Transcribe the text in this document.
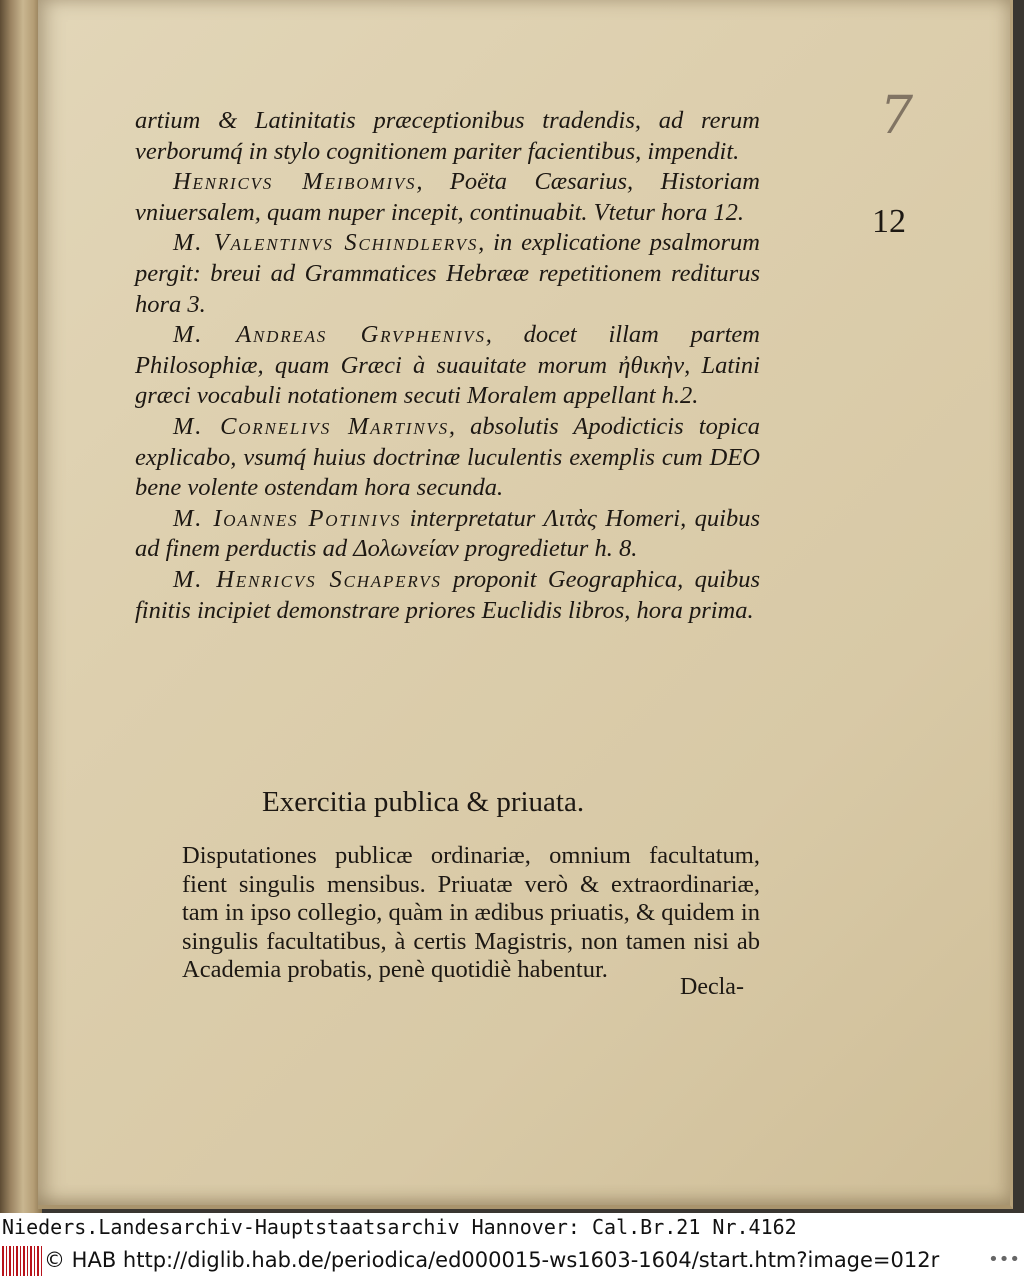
7
12

artium & Latinitatis præceptionibus tradendis, ad rerum verborumq́ in stylo cognitionem pariter facientibus, impendit.

Henricvs Meibomivs, Poëta Cæsarius, Historiam vniuersalem, quam nuper incepit, continuabit. Vtetur hora 12.

M. Valentinvs Schindlervs, in explicatione psalmorum pergit: breui ad Grammatices Hebrææ repetitionem rediturus hora 3.

M. Andreas Grvphenivs, docet illam partem Philosophiæ, quam Græci à suauitate morum ἠθικὴν, Latini græci vocabuli notationem secuti Moralem appellant h.2.

M. Cornelivs Martinvs, absolutis Apodicticis topica explicabo, vsumq́ huius doctrinæ luculentis exemplis cum DEO bene volente ostendam hora secunda.

M. Ioannes Potinivs interpretatur Λιτὰς Homeri, quibus ad finem perductis ad Δολωνείαν progredietur h. 8.

M. Henricvs Schapervs proponit Geographica, quibus finitis incipiet demonstrare priores Euclidis libros, hora prima.

Exercitia publica & priuata.

Disputationes publicæ ordinariæ, omnium facultatum, fient singulis mensibus. Priuatæ verò & extraordinariæ, tam in ipso collegio, quàm in ædibus priuatis, & quidem in singulis facultatibus, à certis Magistris, non tamen nisi ab Academia probatis, penè quotidiè habentur.

Decla-
Nieders.Landesarchiv-Hauptstaatsarchiv Hannover: Cal.Br.21 Nr.4162
© HAB http://diglib.hab.de/periodica/ed000015-ws1603-1604/start.htm?image=012r	•••
